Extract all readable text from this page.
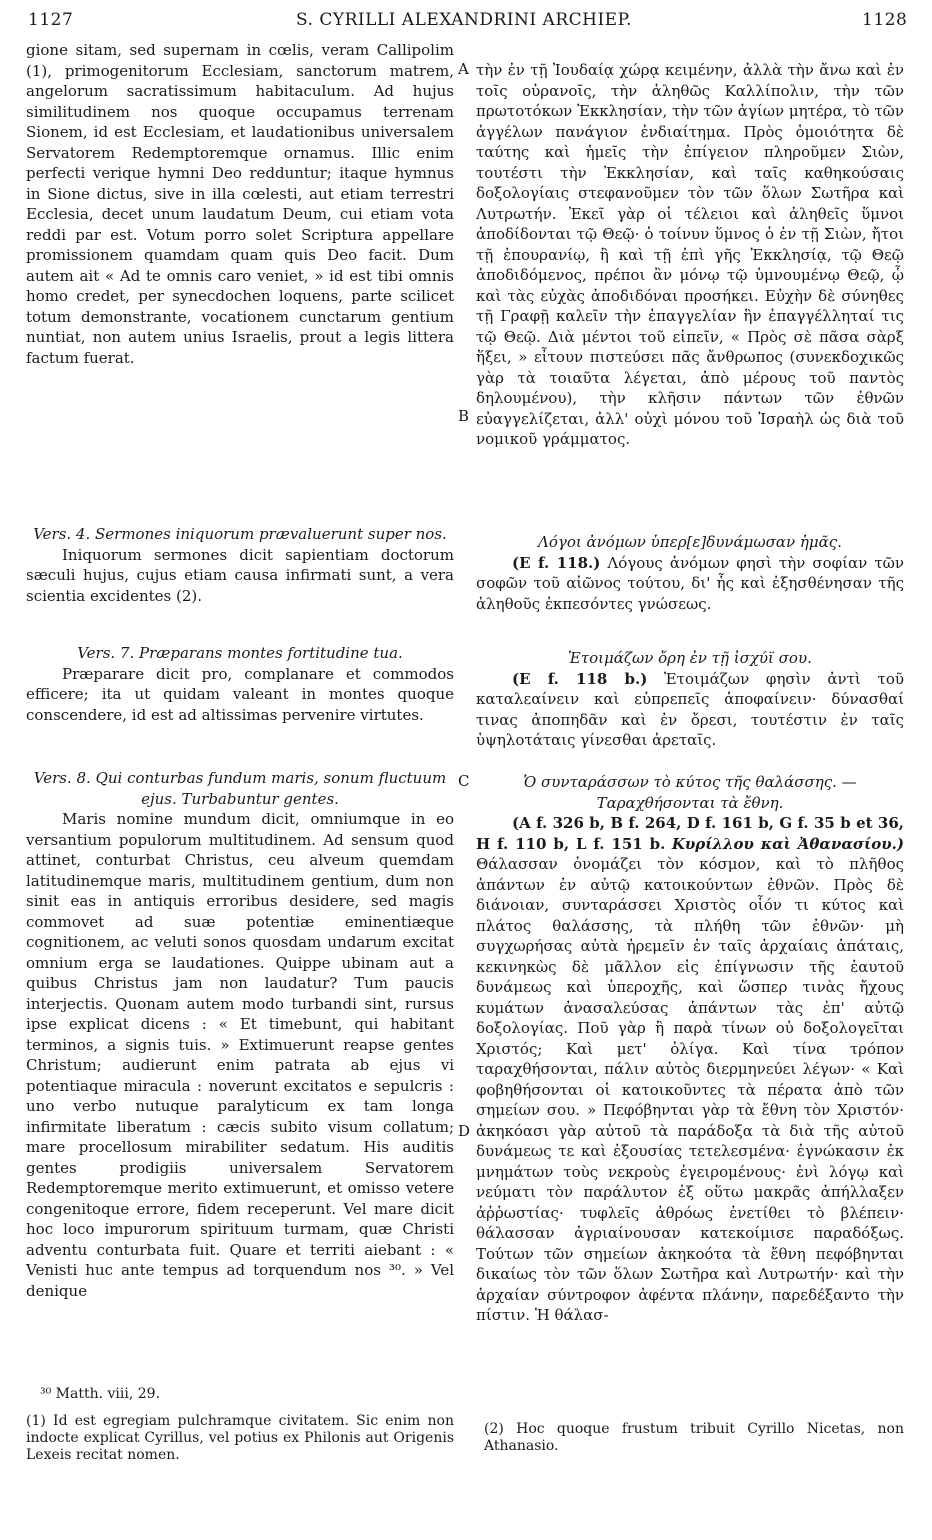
1127	S. CYRILLI ALEXANDRINI ARCHIEP.	1128

gione sitam, sed supernam in cœlis, veram Callipolim (1), primogenitorum Ecclesiam, sanctorum matrem, angelorum sacratissimum habitaculum. Ad hujus similitudinem nos quoque occupamus terrenam Sionem, id est Ecclesiam, et laudationibus universalem Servatorem Redemptoremque ornamus. Illic enim perfecti verique hymni Deo redduntur; itaque hymnus in Sione dictus, sive in illa cœlesti, aut etiam terrestri Ecclesia, decet unum laudatum Deum, cui etiam vota reddi par est. Votum porro solet Scriptura appellare promissionem quamdam quam quis Deo facit. Dum autem ait « Ad te omnis caro veniet, » id est tibi omnis homo credet, per synecdochen loquens, parte scilicet totum demonstrante, vocationem cunctarum gentium nuntiat, non autem unius Israelis, prout a legis littera factum fuerat.

Vers. 4. Sermones iniquorum prævaluerunt super nos.

Iniquorum sermones dicit sapientiam doctorum sæculi hujus, cujus etiam causa infirmati sunt, a vera scientia excidentes (2).

Vers. 7. Præparans montes fortitudine tua.

Præparare dicit pro, complanare et commodos efficere; ita ut quidam valeant in montes quoque conscendere, id est ad altissimas pervenire virtutes.

Vers. 8. Qui conturbas fundum maris, sonum fluctuum ejus. Turbabuntur gentes.

Maris nomine mundum dicit, omniumque in eo versantium populorum multitudinem. Ad sensum quod attinet, conturbat Christus, ceu alveum quemdam latitudinemque maris, multitudinem gentium, dum non sinit eas in antiquis erroribus desidere, sed magis commovet ad suæ potentiæ eminentiæque cognitionem, ac veluti sonos quosdam undarum excitat omnium erga se laudationes. Quippe ubinam aut a quibus Christus jam non laudatur? Tum paucis interjectis. Quonam autem modo turbandi sint, rursus ipse explicat dicens : « Et timebunt, qui habitant terminos, a signis tuis. » Extimuerunt reapse gentes Christum; audierunt enim patrata ab ejus vi potentiaque miracula : noverunt excitatos e sepulcris : uno verbo nutuque paralyticum ex tam longa infirmitate liberatum : cæcis subito visum collatum; mare procellosum mirabiliter sedatum. His auditis gentes prodigiis universalem Servatorem Redemptoremque merito extimuerunt, et omisso vetere congenitoque errore, fidem receperunt. Vel mare dicit hoc loco impurorum spirituum turmam, quæ Christi adventu conturbata fuit. Quare et territi aiebant : « Venisti huc ante tempus ad torquendum nos ³⁰. » Vel denique

³⁰ Matth. viii, 29.
(1) Id est egregiam pulchramque civitatem. Sic enim non indocte explicat Cyrillus, vel potius ex Philonis aut Origenis Lexeis recitat nomen.
A
B
C
D

τὴν ἐν τῇ Ἰουδαίᾳ χώρᾳ κειμένην, ἀλλὰ τὴν ἄνω καὶ ἐν τοῖς οὐρανοῖς, τὴν ἀληθῶς Καλλίπολιν, τὴν τῶν πρωτοτόκων Ἐκκλησίαν, τὴν τῶν ἁγίων μητέρα, τὸ τῶν ἀγγέλων πανάγιον ἐνδιαίτημα. Πρὸς ὁμοιότητα δὲ ταύτης καὶ ἡμεῖς τὴν ἐπίγειον πληροῦμεν Σιὼν, τουτέστι τὴν Ἐκκλησίαν, καὶ ταῖς καθηκούσαις δοξολογίαις στεφανοῦμεν τὸν τῶν ὅλων Σωτῆρα καὶ Λυτρωτήν. Ἐκεῖ γὰρ οἱ τέλειοι καὶ ἀληθεῖς ὕμνοι ἀποδίδονται τῷ Θεῷ· ὁ τοίνυν ὕμνος ὁ ἐν τῇ Σιὼν, ἤτοι τῇ ἐπουρανίῳ, ἢ καὶ τῇ ἐπὶ γῆς Ἐκκλησίᾳ, τῷ Θεῷ ἀποδιδόμενος, πρέποι ἂν μόνῳ τῷ ὑμνουμένῳ Θεῷ, ᾧ καὶ τὰς εὐχὰς ἀποδιδόναι προσήκει. Εὐχὴν δὲ σύνηθες τῇ Γραφῇ καλεῖν τὴν ἐπαγγελίαν ἣν ἐπαγγέλληταί τις τῷ Θεῷ. Διὰ μέντοι τοῦ εἰπεῖν, « Πρὸς σὲ πᾶσα σὰρξ ἥξει, » εἶτουν πιστεύσει πᾶς ἄνθρωπος (συνεκδοχικῶς γὰρ τὰ τοιαῦτα λέγεται, ἀπὸ μέρους τοῦ παντὸς δηλουμένου), τὴν κλῆσιν πάντων τῶν ἐθνῶν εὐαγγελίζεται, ἀλλ' οὐχὶ μόνου τοῦ Ἰσραὴλ ὡς διὰ τοῦ νομικοῦ γράμματος.

Λόγοι ἀνόμων ὑπερ[ε]δυνάμωσαν ἡμᾶς.

(E f. 118.) Λόγους ἀνόμων φησὶ τὴν σοφίαν τῶν σοφῶν τοῦ αἰῶνος τούτου, δι' ἧς καὶ ἐξησθένησαν τῆς ἀληθοῦς ἐκπεσόντες γνώσεως.

Ἑτοιμάζων ὄρη ἐν τῇ ἰσχύϊ σου.

(E f. 118 b.) Ἑτοιμάζων φησὶν ἀντὶ τοῦ καταλεαίνειν καὶ εὐπρεπεῖς ἀποφαίνειν· δύνασθαί τινας ἀποπηδᾶν καὶ ἐν ὄρεσι, τουτέστιν ἐν ταῖς ὑψηλοτάταις γίνεσθαι ἀρεταῖς.

Ὁ συνταράσσων τὸ κύτος τῆς θαλάσσης. — Ταραχθήσονται τὰ ἔθνη.

(A f. 326 b, B f. 264, D f. 161 b, G f. 35 b et 36, H f. 110 b, L f. 151 b. Κυρίλλου καὶ Ἀθανασίου.) Θάλασσαν ὀνομάζει τὸν κόσμον, καὶ τὸ πλῆθος ἁπάντων ἐν αὐτῷ κατοικούντων ἐθνῶν. Πρὸς δὲ διάνοιαν, συνταράσσει Χριστὸς οἷόν τι κύτος καὶ πλάτος θαλάσσης, τὰ πλήθη τῶν ἐθνῶν· μὴ συγχωρήσας αὐτὰ ἠρεμεῖν ἐν ταῖς ἀρχαίαις ἀπάταις, κεκινηκὼς δὲ μᾶλλον εἰς ἐπίγνωσιν τῆς ἑαυτοῦ δυνάμεως καὶ ὑπεροχῆς, καὶ ὥσπερ τινὰς ἤχους κυμάτων ἀνασαλεύσας ἁπάντων τὰς ἐπ' αὐτῷ δοξολογίας. Ποῦ γὰρ ἢ παρὰ τίνων οὐ δοξολογεῖται Χριστός; Καὶ μετ' ὀλίγα. Καὶ τίνα τρόπον ταραχθήσονται, πάλιν αὐτὸς διερμηνεύει λέγων· « Καὶ φοβηθήσονται οἱ κατοικοῦντες τὰ πέρατα ἀπὸ τῶν σημείων σου. » Πεφόβηνται γὰρ τὰ ἔθνη τὸν Χριστόν· ἀκηκόασι γὰρ αὐτοῦ τὰ παράδοξα τὰ διὰ τῆς αὐτοῦ δυνάμεως τε καὶ ἐξουσίας τετελεσμένα· ἐγνώκασιν ἐκ μνημάτων τοὺς νεκροὺς ἐγειρομένους· ἑνὶ λόγῳ καὶ νεύματι τὸν παράλυτον ἐξ οὕτω μακρᾶς ἀπήλλαξεν ἀῤῥωστίας· τυφλεῖς ἀθρόως ἐνετίθει τὸ βλέπειν· θάλασσαν ἀγριαίνουσαν κατεκοίμισε παραδόξως. Τούτων τῶν σημείων ἀκηκοότα τὰ ἔθνη πεφόβηνται δικαίως τὸν τῶν ὅλων Σωτῆρα καὶ Λυτρωτήν· καὶ τὴν ἀρχαίαν σύντροφον ἀφέντα πλάνην, παρεδέξαντο τὴν πίστιν. Ἡ θάλασ-

(2) Hoc quoque frustum tribuit Cyrillo Nicetas, non Athanasio.
